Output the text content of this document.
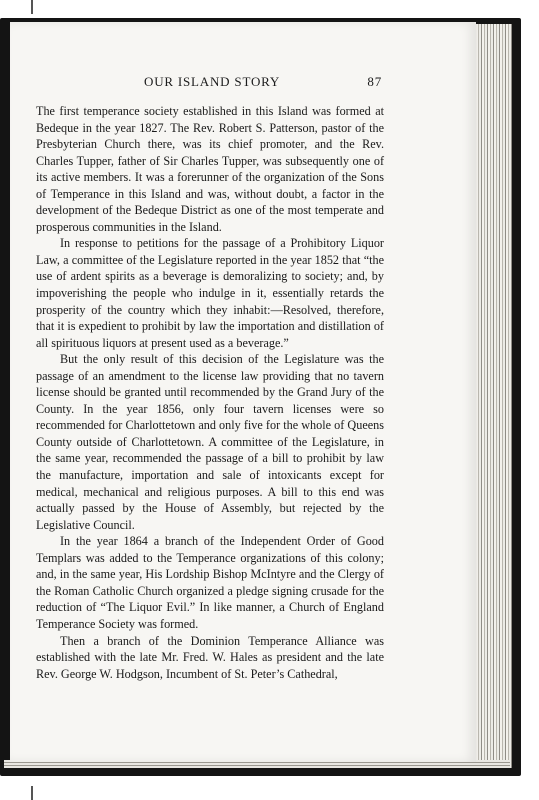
OUR ISLAND STORY	87

The first temperance society established in this Island was formed at Bedeque in the year 1827. The Rev. Robert S. Patterson, pastor of the Presbyterian Church there, was its chief promoter, and the Rev. Charles Tupper, father of Sir Charles Tupper, was subsequently one of its active members. It was a forerunner of the organization of the Sons of Temperance in this Island and was, without doubt, a factor in the development of the Bedeque District as one of the most temperate and prosperous communities in the Island.

In response to petitions for the passage of a Prohibitory Liquor Law, a committee of the Legislature reported in the year 1852 that “the use of ardent spirits as a beverage is demoralizing to society; and, by impoverishing the people who indulge in it, essentially retards the prosperity of the country which they inhabit:—Resolved, therefore, that it is expedient to prohibit by law the importation and distillation of all spirituous liquors at present used as a beverage.”

But the only result of this decision of the Legislature was the passage of an amendment to the license law providing that no tavern license should be granted until recommended by the Grand Jury of the County. In the year 1856, only four tavern licenses were so recommended for Charlottetown and only five for the whole of Queens County outside of Charlottetown. A committee of the Legislature, in the same year, recommended the passage of a bill to prohibit by law the manufacture, importation and sale of intoxicants except for medical, mechanical and religious purposes. A bill to this end was actually passed by the House of Assembly, but rejected by the Legislative Council.

In the year 1864 a branch of the Independent Order of Good Templars was added to the Temperance organizations of this colony; and, in the same year, His Lordship Bishop McIntyre and the Clergy of the Roman Catholic Church organized a pledge signing crusade for the reduction of “The Liquor Evil.” In like manner, a Church of England Temperance Society was formed.

Then a branch of the Dominion Temperance Alliance was established with the late Mr. Fred. W. Hales as president and the late Rev. George W. Hodgson, Incumbent of St. Peter’s Cathedral,
